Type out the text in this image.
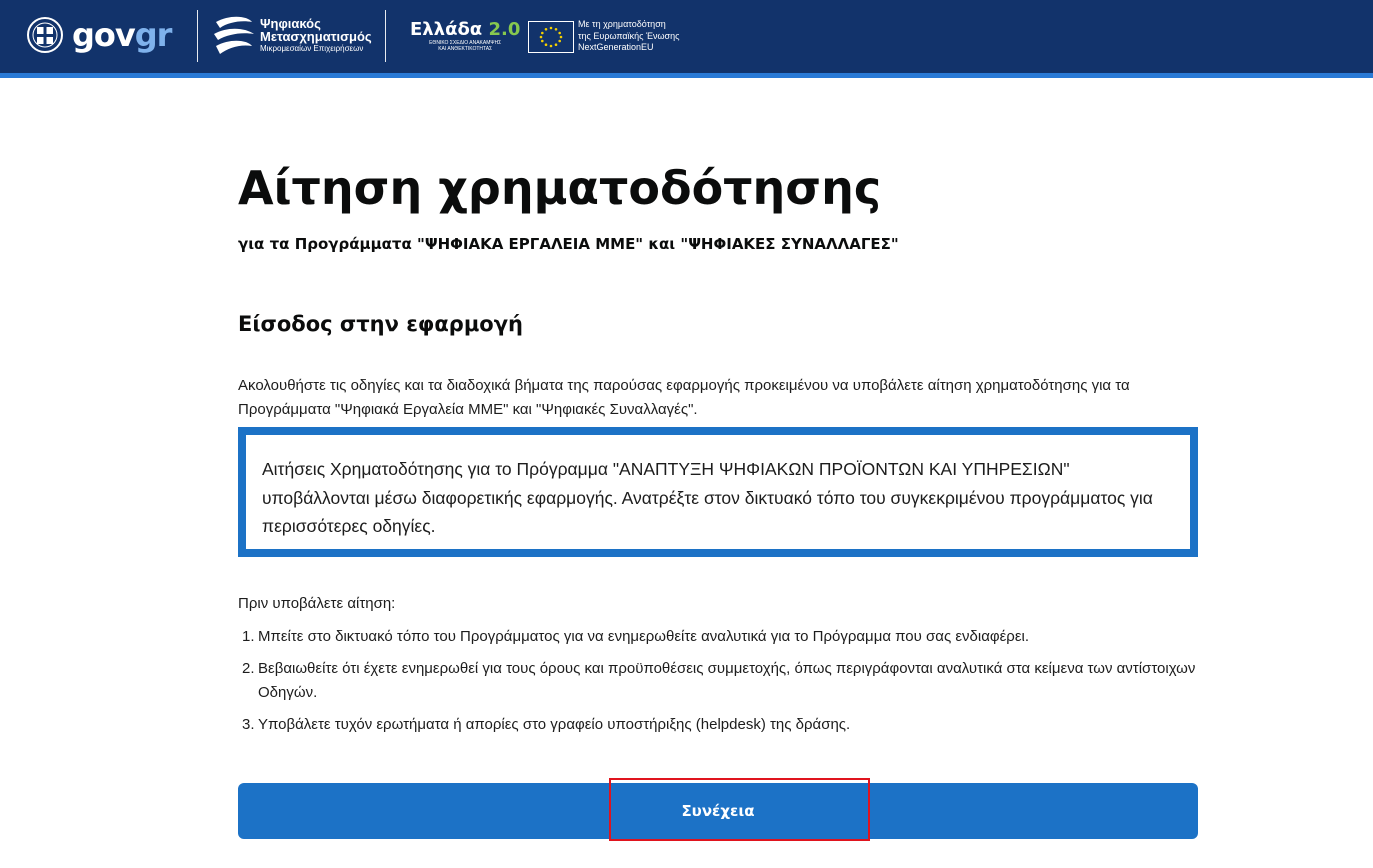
govgr	Ψηφιακός
Μετασχηματισμός
Μικρομεσαίων Επιχειρήσεων
Ελλάδα 2.0
ΕΘΝΙΚΟ ΣΧΕΔΙΟ ΑΝΑΚΑΜΨΗΣ
ΚΑΙ ΑΝΘΕΚΤΙΚΟΤΗΤΑΣ
Με τη χρηματοδότηση
της Ευρωπαϊκής Ένωσης
NextGenerationEU
Αίτηση χρηματοδότησης
για τα Προγράμματα "ΨΗΦΙΑΚΑ ΕΡΓΑΛΕΙΑ ΜΜΕ" και "ΨΗΦΙΑΚΕΣ ΣΥΝΑΛΛΑΓΕΣ"
Είσοδος στην εφαρμογή
Ακολουθήστε τις οδηγίες και τα διαδοχικά βήματα της παρούσας εφαρμογής προκειμένου να υποβάλετε αίτηση χρηματοδότησης για τα Προγράμματα "Ψηφιακά Εργαλεία ΜΜΕ" και "Ψηφιακές Συναλλαγές".
Αιτήσεις Χρηματοδότησης για το Πρόγραμμα "ΑΝΑΠΤΥΞΗ ΨΗΦΙΑΚΩΝ ΠΡΟΪΟΝΤΩΝ ΚΑΙ ΥΠΗΡΕΣΙΩΝ" υποβάλλονται μέσω διαφορετικής εφαρμογής. Ανατρέξτε στον δικτυακό τόπο του συγκεκριμένου προγράμματος για περισσότερες οδηγίες.
Πριν υποβάλετε αίτηση:
1. Μπείτε στο δικτυακό τόπο του Προγράμματος για να ενημερωθείτε αναλυτικά για το Πρόγραμμα που σας ενδιαφέρει.
2. Βεβαιωθείτε ότι έχετε ενημερωθεί για τους όρους και προϋποθέσεις συμμετοχής, όπως περιγράφονται αναλυτικά στα κείμενα των αντίστοιχων Οδηγών.
3. Υποβάλετε τυχόν ερωτήματα ή απορίες στο γραφείο υποστήριξης (helpdesk) της δράσης.
Συνέχεια
